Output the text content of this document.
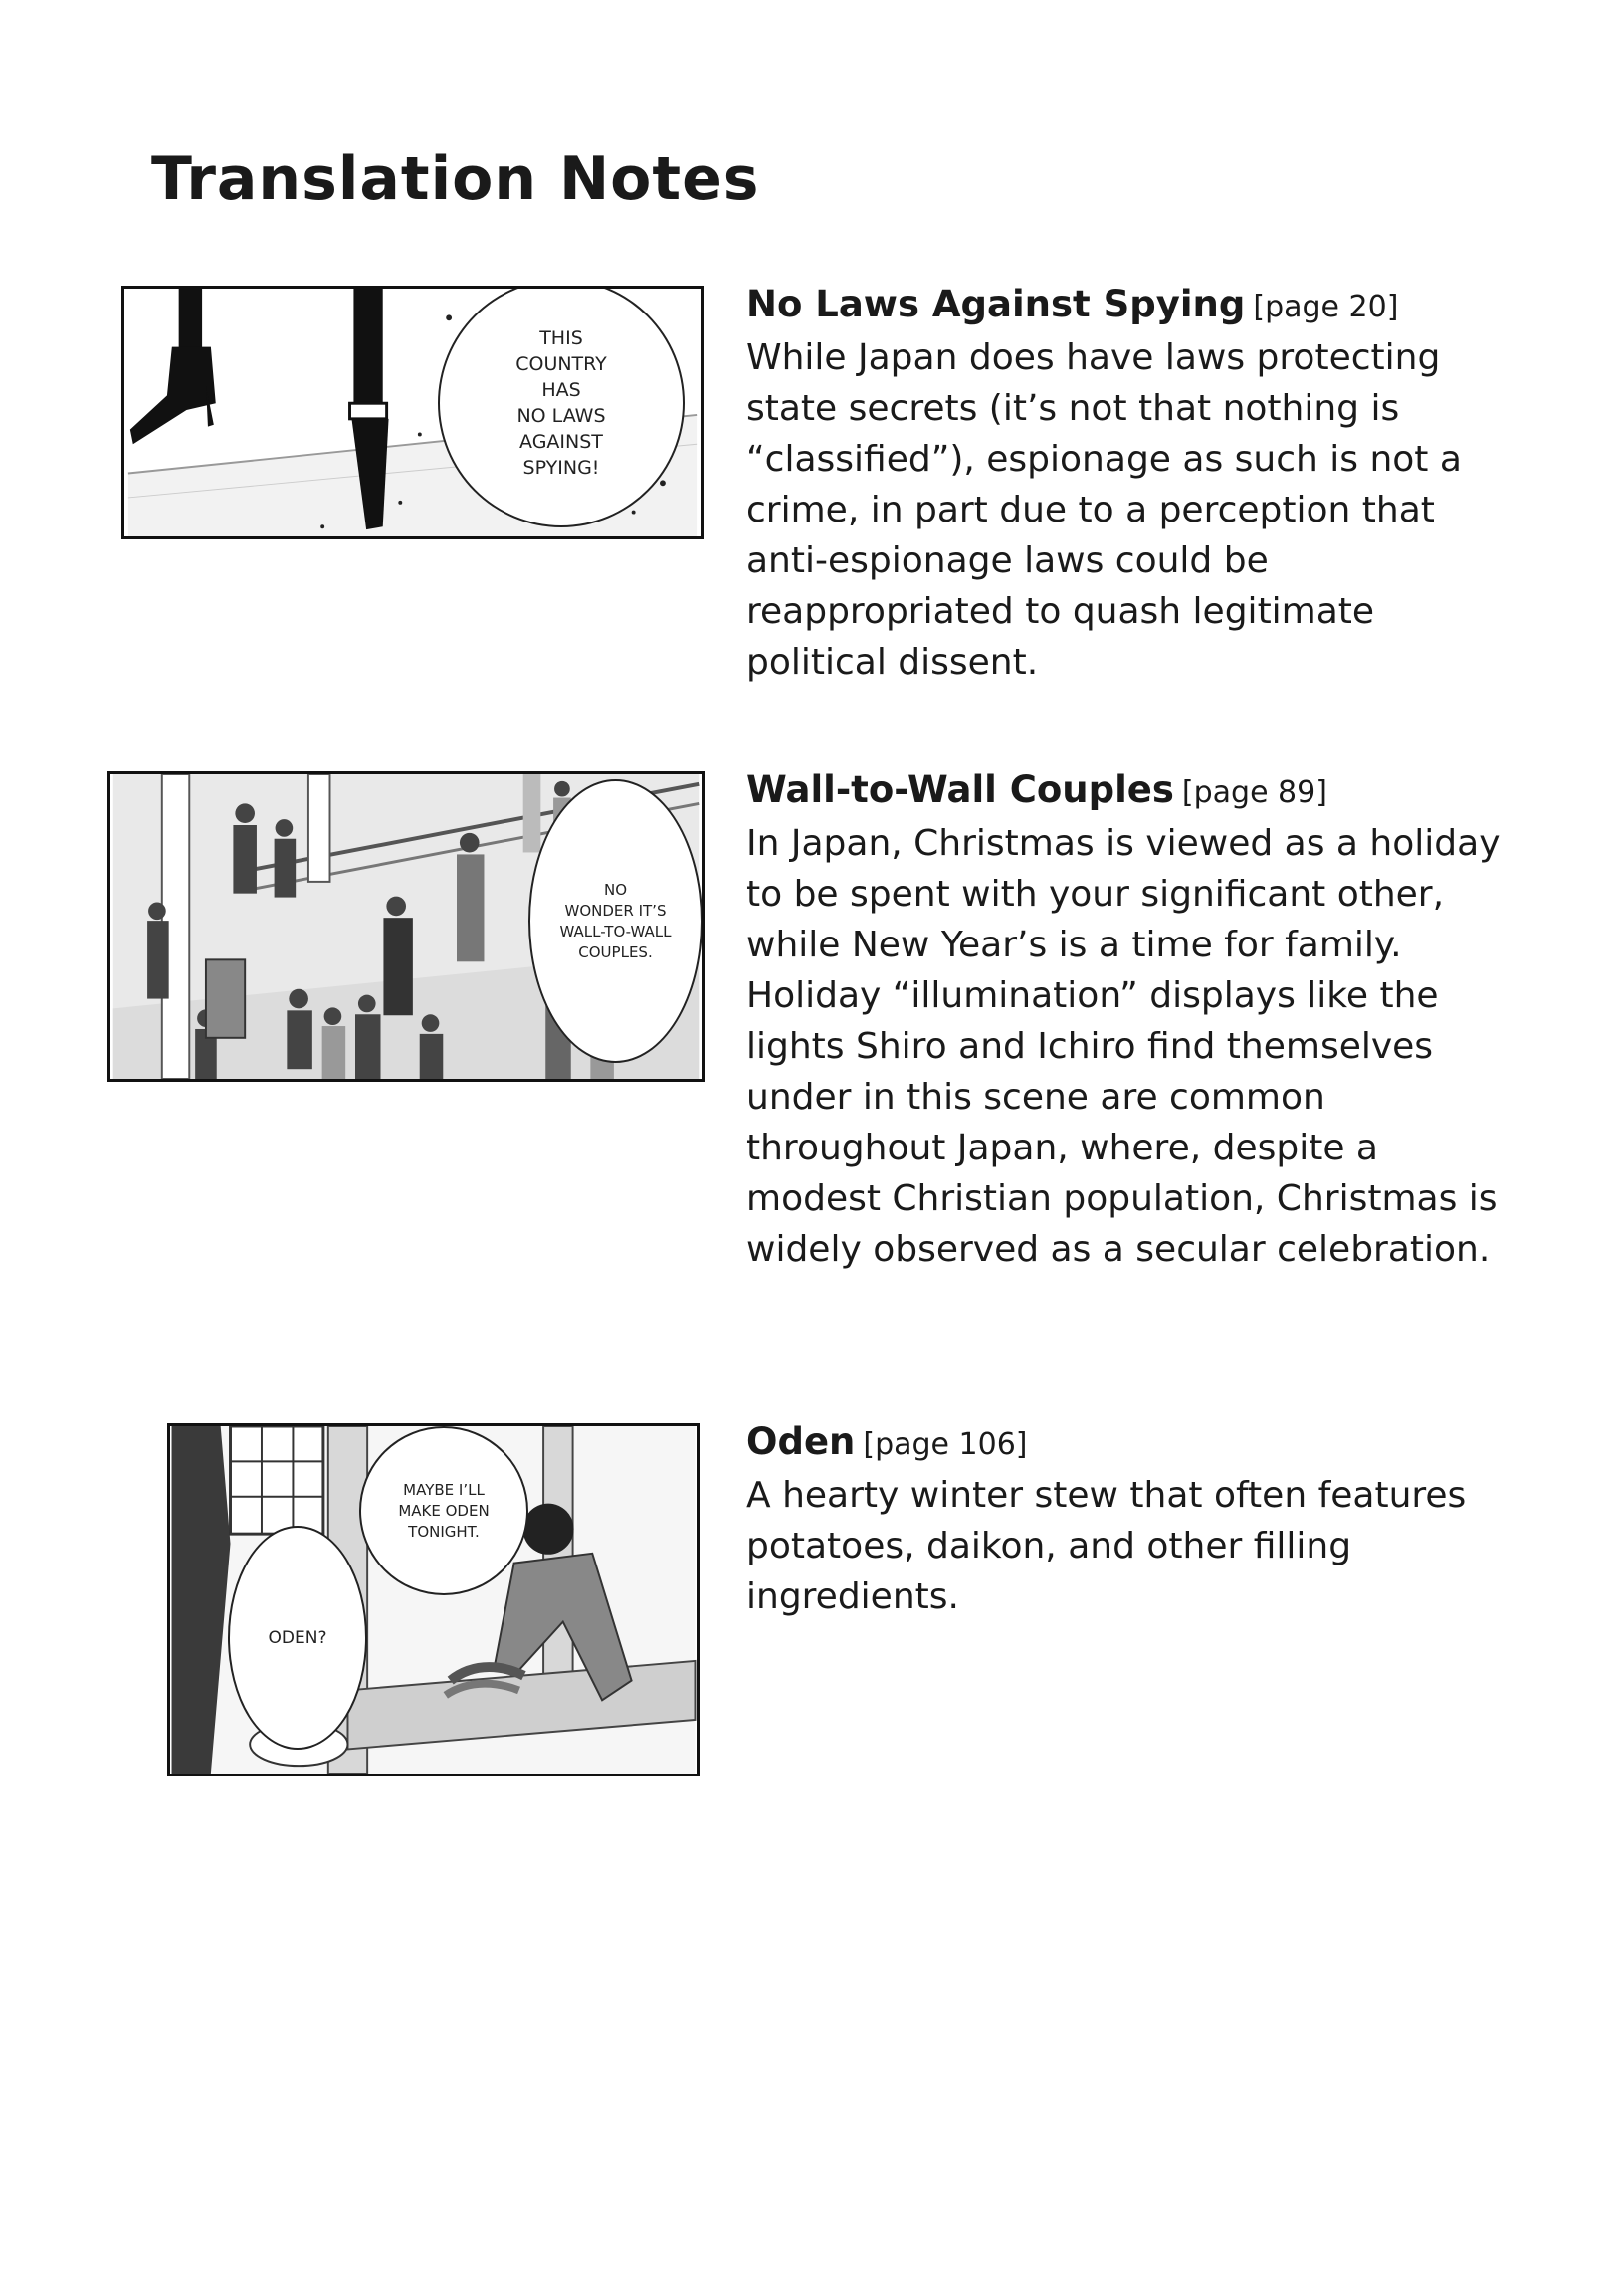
Translation Notes
THIS
COUNTRY
HAS
NO LAWS
AGAINST
SPYING!
No Laws Against Spying [page 20]
While Japan does have laws protecting state secrets (it’s not that nothing is “classified”), espionage as such is not a crime, in part due to a perception that anti-espionage laws could be reappropriated to quash legitimate political dissent.
NO
WONDER IT’S
WALL-TO-WALL
COUPLES.
Wall-to-Wall Couples [page 89]
In Japan, Christmas is viewed as a holiday to be spent with your significant other, while New Year’s is a time for family. Holiday “illumination” displays like the lights Shiro and Ichiro find themselves under in this scene are common throughout Japan, where, despite a modest Christian population, Christmas is widely observed as a secular celebration.
MAYBE I’LL
MAKE ODEN
TONIGHT.
ODEN?
Oden [page 106]
A hearty winter stew that often features potatoes, daikon, and other filling ingredients.
